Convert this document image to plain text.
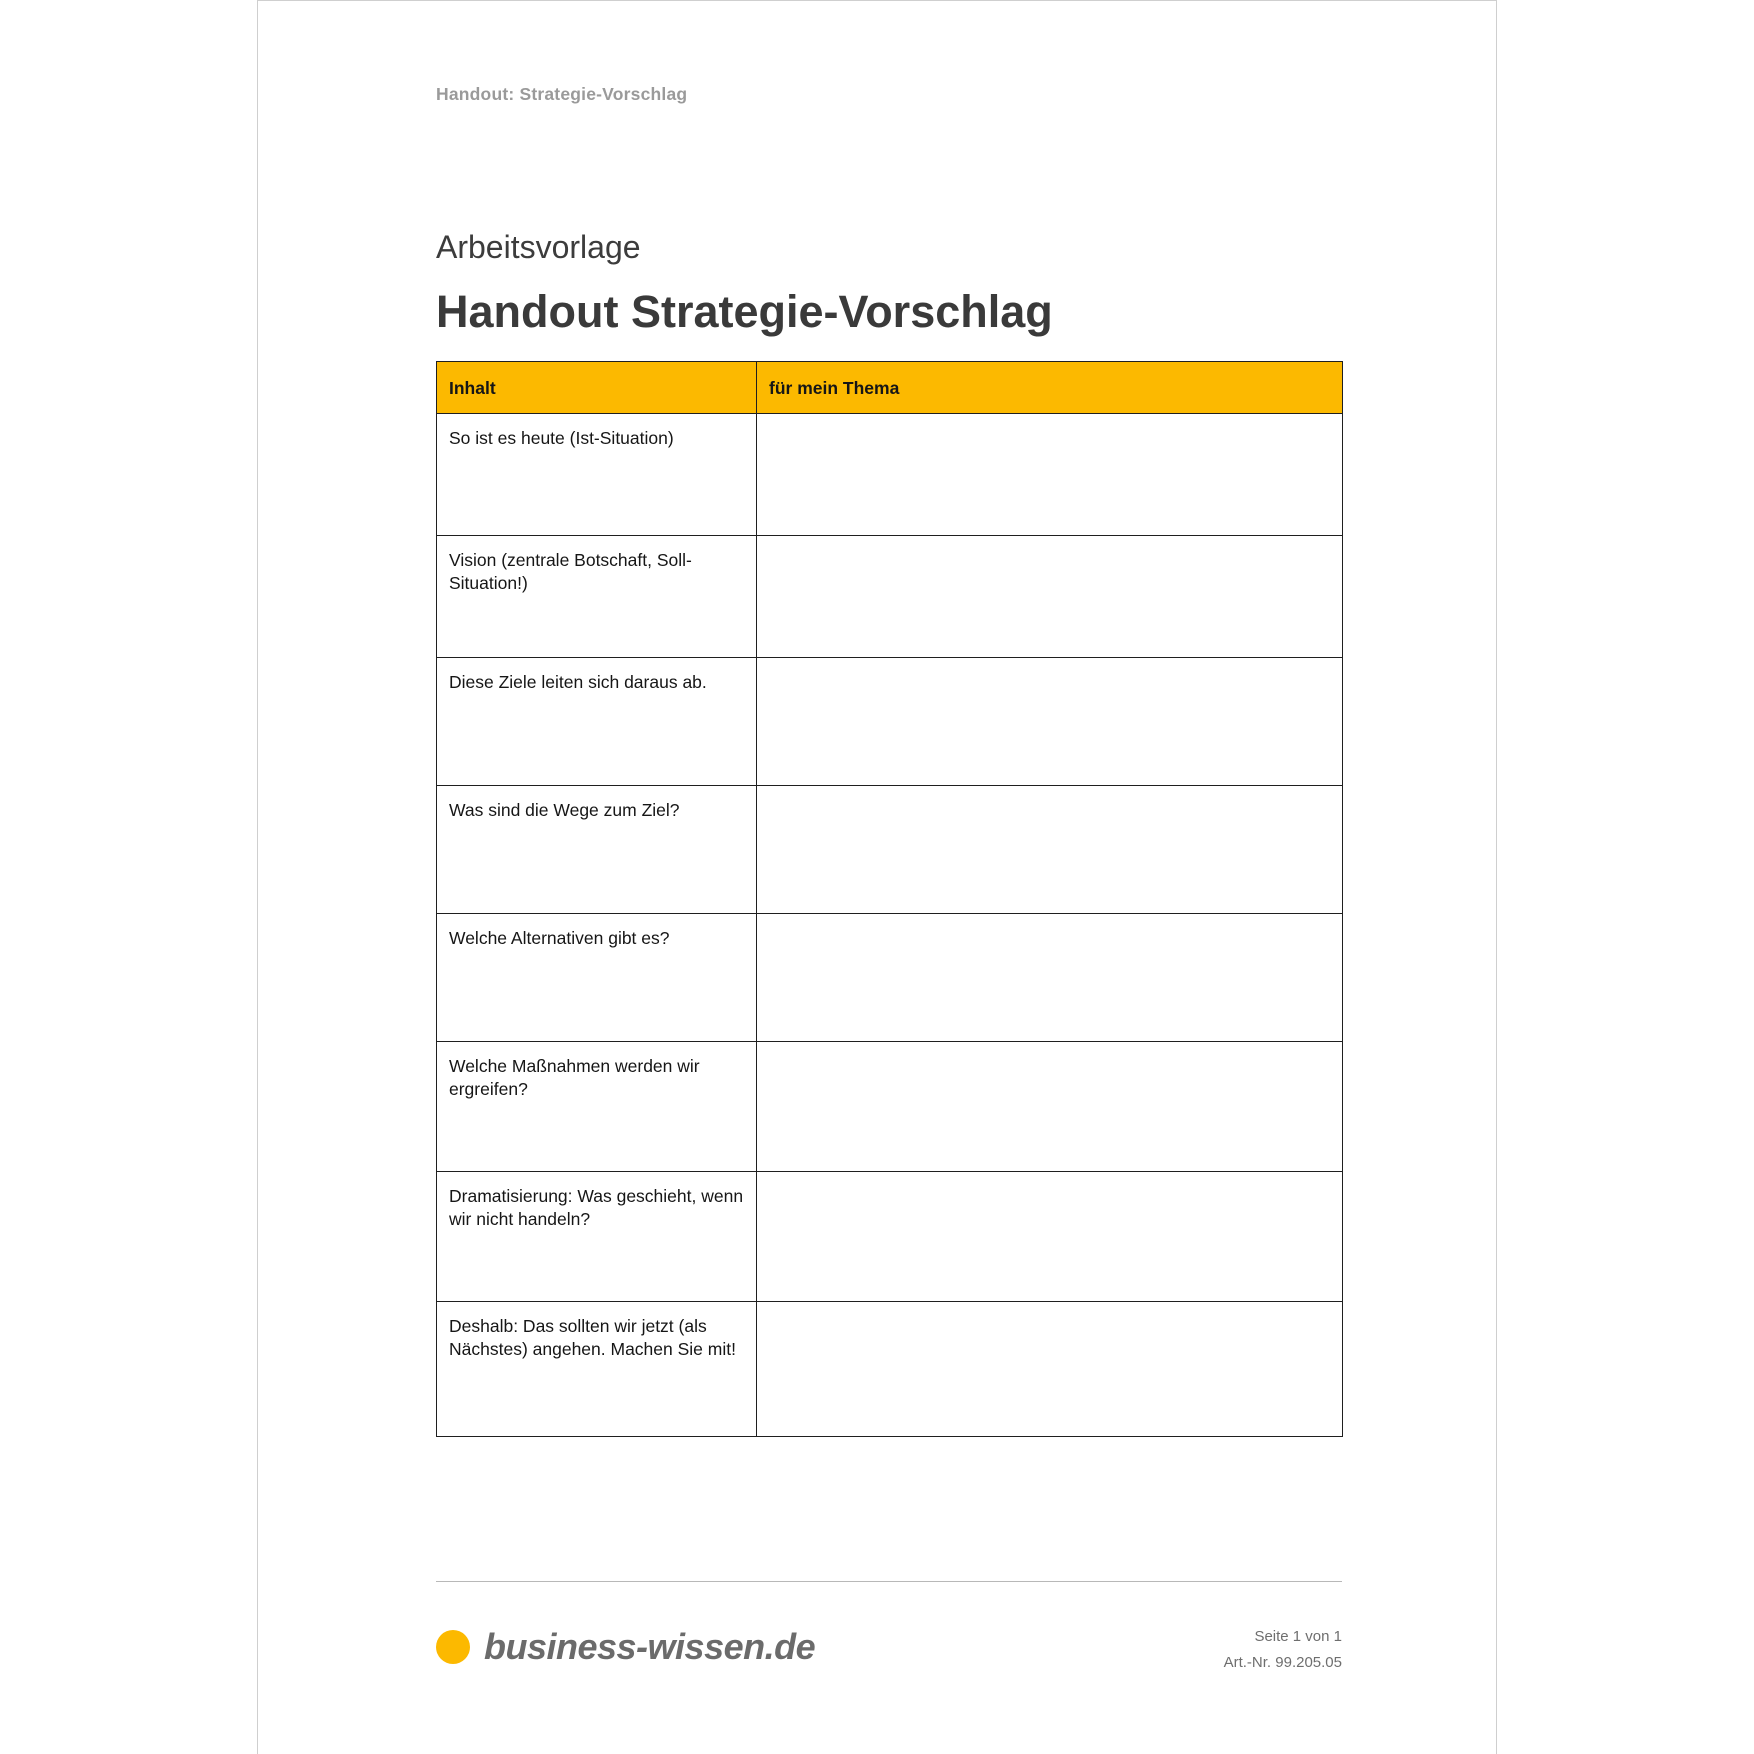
Handout: Strategie-Vorschlag
Arbeitsvorlage
Handout Strategie-Vorschlag
Inhalt	für mein Thema
So ist es heute (Ist-Situation)	
Vision (zentrale Botschaft, Soll-Situation!)	
Diese Ziele leiten sich daraus ab.	
Was sind die Wege zum Ziel?	
Welche Alternativen gibt es?	
Welche Maßnahmen werden wir ergreifen?	
Dramatisierung: Was geschieht, wenn wir nicht handeln?	
Deshalb: Das sollten wir jetzt (als Nächstes) angehen. Machen Sie mit!	
business-wissen.de	Seite 1 von 1
Art.-Nr. 99.205.05
